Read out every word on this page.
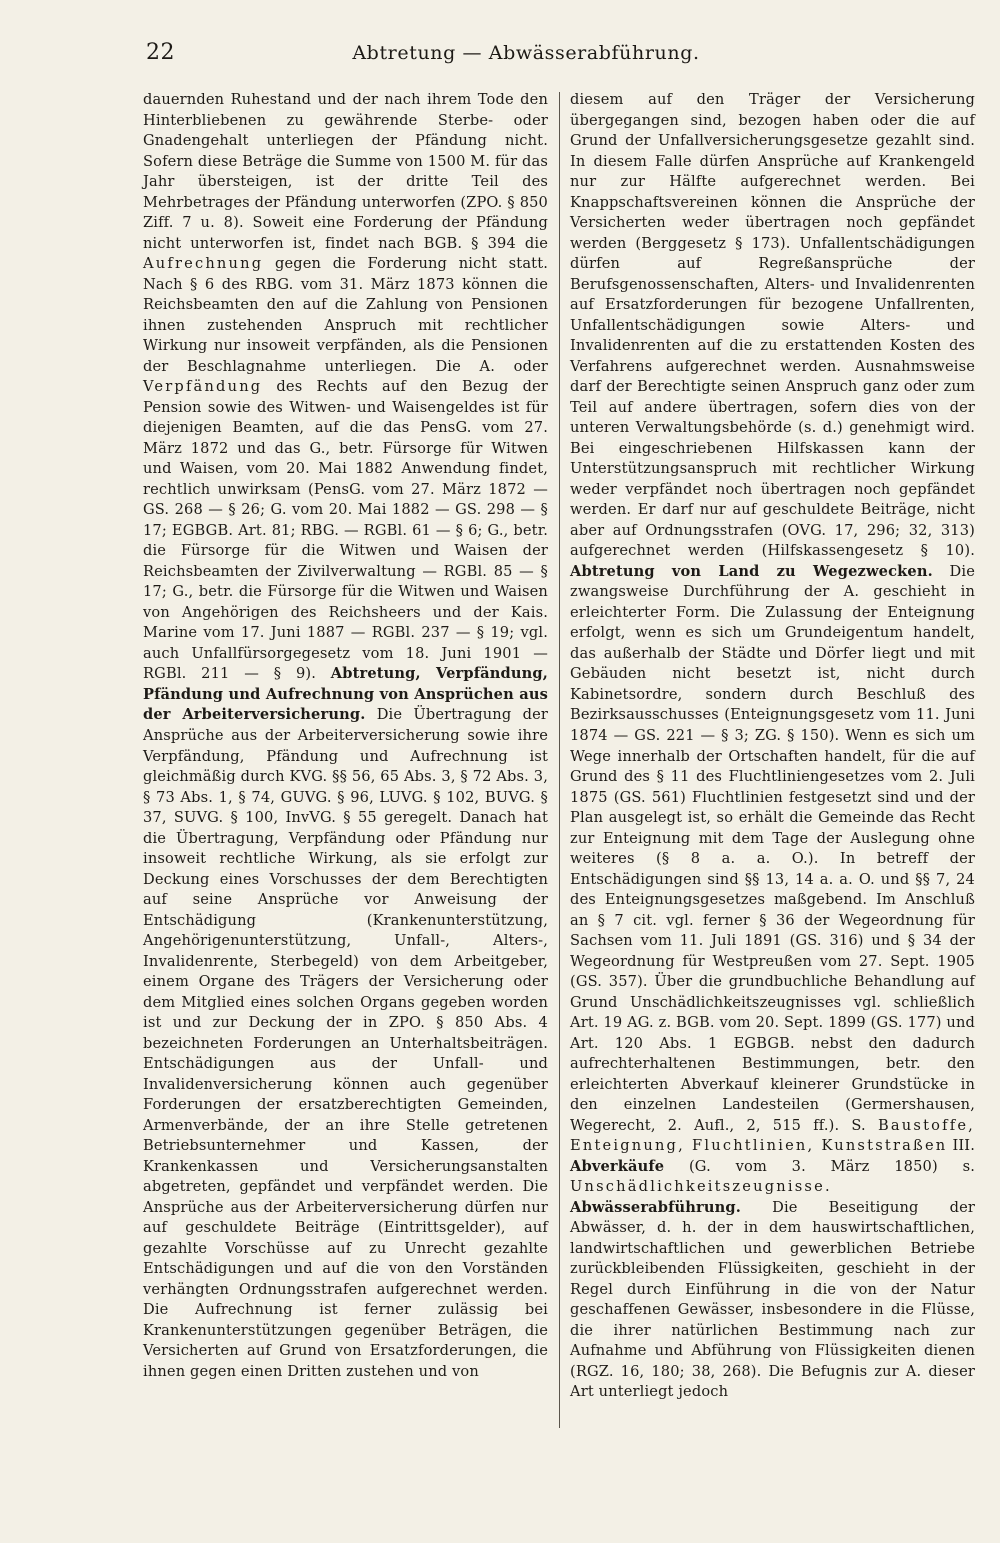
22	Abtretung — Abwässerabführung.

dauernden Ruhestand und der nach ihrem Tode den Hinterbliebenen zu gewährende Sterbe- oder Gnadengehalt unterliegen der Pfändung nicht. Sofern diese Beträge die Summe von 1500 M. für das Jahr übersteigen, ist der dritte Teil des Mehrbetrages der Pfändung unterworfen (ZPO. § 850 Ziff. 7 u. 8). Soweit eine Forderung der Pfändung nicht unterworfen ist, findet nach BGB. § 394 die Aufrechnung gegen die Forderung nicht statt. Nach § 6 des RBG. vom 31. März 1873 können die Reichsbeamten den auf die Zahlung von Pensionen ihnen zustehenden Anspruch mit rechtlicher Wirkung nur insoweit verpfänden, als die Pensionen der Beschlagnahme unterliegen. Die A. oder Verpfändung des Rechts auf den Bezug der Pension sowie des Witwen- und Waisengeldes ist für diejenigen Beamten, auf die das PensG. vom 27. März 1872 und das G., betr. Fürsorge für Witwen und Waisen, vom 20. Mai 1882 Anwendung findet, rechtlich unwirksam (PensG. vom 27. März 1872 — GS. 268 — § 26; G. vom 20. Mai 1882 — GS. 298 — § 17; EGBGB. Art. 81; RBG. — RGBl. 61 — § 6; G., betr. die Fürsorge für die Witwen und Waisen der Reichsbeamten der Zivilverwaltung — RGBl. 85 — § 17; G., betr. die Fürsorge für die Witwen und Waisen von Angehörigen des Reichsheers und der Kais. Marine vom 17. Juni 1887 — RGBl. 237 — § 19; vgl. auch Unfallfürsorgegesetz vom 18. Juni 1901 — RGBl. 211 — § 9). Abtretung, Verpfändung, Pfändung und Aufrechnung von Ansprüchen aus der Arbeiterversicherung. Die Übertragung der Ansprüche aus der Arbeiterversicherung sowie ihre Verpfändung, Pfändung und Aufrechnung ist gleichmäßig durch KVG. §§ 56, 65 Abs. 3, § 72 Abs. 3, § 73 Abs. 1, § 74, GUVG. § 96, LUVG. § 102, BUVG. § 37, SUVG. § 100, InvVG. § 55 geregelt. Danach hat die Übertragung, Verpfändung oder Pfändung nur insoweit rechtliche Wirkung, als sie erfolgt zur Deckung eines Vorschusses der dem Berechtigten auf seine Ansprüche vor Anweisung der Entschädigung (Krankenunterstützung, Angehörigenunterstützung, Unfall-, Alters-, Invalidenrente, Sterbegeld) von dem Arbeitgeber, einem Organe des Trägers der Versicherung oder dem Mitglied eines solchen Organs gegeben worden ist und zur Deckung der in ZPO. § 850 Abs. 4 bezeichneten Forderungen an Unterhaltsbeiträgen. Entschädigungen aus der Unfall- und Invalidenversicherung können auch gegenüber Forderungen der ersatzberechtigten Gemeinden, Armenverbände, der an ihre Stelle getretenen Betriebsunternehmer und Kassen, der Krankenkassen und Versicherungsanstalten abgetreten, gepfändet und verpfändet werden. Die Ansprüche aus der Arbeiterversicherung dürfen nur auf geschuldete Beiträge (Eintrittsgelder), auf gezahlte Vorschüsse auf zu Unrecht gezahlte Entschädigungen und auf die von den Vorständen verhängten Ordnungsstrafen aufgerechnet werden. Die Aufrechnung ist ferner zulässig bei Krankenunterstützungen gegenüber Beträgen, die Versicherten auf Grund von Ersatzforderungen, die ihnen gegen einen Dritten zustehen und von

diesem auf den Träger der Versicherung übergegangen sind, bezogen haben oder die auf Grund der Unfallversicherungsgesetze gezahlt sind. In diesem Falle dürfen Ansprüche auf Krankengeld nur zur Hälfte aufgerechnet werden. Bei Knappschaftsvereinen können die Ansprüche der Versicherten weder übertragen noch gepfändet werden (Berggesetz § 173). Unfallentschädigungen dürfen auf Regreßansprüche der Berufsgenossenschaften, Alters- und Invalidenrenten auf Ersatzforderungen für bezogene Unfallrenten, Unfallentschädigungen sowie Alters- und Invalidenrenten auf die zu erstattenden Kosten des Verfahrens aufgerechnet werden. Ausnahmsweise darf der Berechtigte seinen Anspruch ganz oder zum Teil auf andere übertragen, sofern dies von der unteren Verwaltungsbehörde (s. d.) genehmigt wird. Bei eingeschriebenen Hilfskassen kann der Unterstützungsanspruch mit rechtlicher Wirkung weder verpfändet noch übertragen noch gepfändet werden. Er darf nur auf geschuldete Beiträge, nicht aber auf Ordnungsstrafen (OVG. 17, 296; 32, 313) aufgerechnet werden (Hilfskassengesetz § 10). Abtretung von Land zu Wegezwecken. Die zwangsweise Durchführung der A. geschieht in erleichterter Form. Die Zulassung der Enteignung erfolgt, wenn es sich um Grundeigentum handelt, das außerhalb der Städte und Dörfer liegt und mit Gebäuden nicht besetzt ist, nicht durch Kabinetsordre, sondern durch Beschluß des Bezirksausschusses (Enteignungsgesetz vom 11. Juni 1874 — GS. 221 — § 3; ZG. § 150). Wenn es sich um Wege innerhalb der Ortschaften handelt, für die auf Grund des § 11 des Fluchtliniengesetzes vom 2. Juli 1875 (GS. 561) Fluchtlinien festgesetzt sind und der Plan ausgelegt ist, so erhält die Gemeinde das Recht zur Enteignung mit dem Tage der Auslegung ohne weiteres (§ 8 a. a. O.). In betreff der Entschädigungen sind §§ 13, 14 a. a. O. und §§ 7, 24 des Enteignungsgesetzes maßgebend. Im Anschluß an § 7 cit. vgl. ferner § 36 der Wegeordnung für Sachsen vom 11. Juli 1891 (GS. 316) und § 34 der Wegeordnung für Westpreußen vom 27. Sept. 1905 (GS. 357). Über die grundbuchliche Behandlung auf Grund Unschädlichkeitszeugnisses vgl. schließlich Art. 19 AG. z. BGB. vom 20. Sept. 1899 (GS. 177) und Art. 120 Abs. 1 EGBGB. nebst den dadurch aufrechterhaltenen Bestimmungen, betr. den erleichterten Abverkauf kleinerer Grundstücke in den einzelnen Landesteilen (Germershausen, Wegerecht, 2. Aufl., 2, 515 ff.). S. Baustoffe, Enteignung, Fluchtlinien, Kunststraßen III. Abverkäufe (G. vom 3. März 1850) s. Unschädlichkeitszeugnisse. Abwässerabführung. Die Beseitigung der Abwässer, d. h. der in dem hauswirtschaftlichen, landwirtschaftlichen und gewerblichen Betriebe zurückbleibenden Flüssigkeiten, geschieht in der Regel durch Einführung in die von der Natur geschaffenen Gewässer, insbesondere in die Flüsse, die ihrer natürlichen Bestimmung nach zur Aufnahme und Abführung von Flüssigkeiten dienen (RGZ. 16, 180; 38, 268). Die Befugnis zur A. dieser Art unterliegt jedoch
